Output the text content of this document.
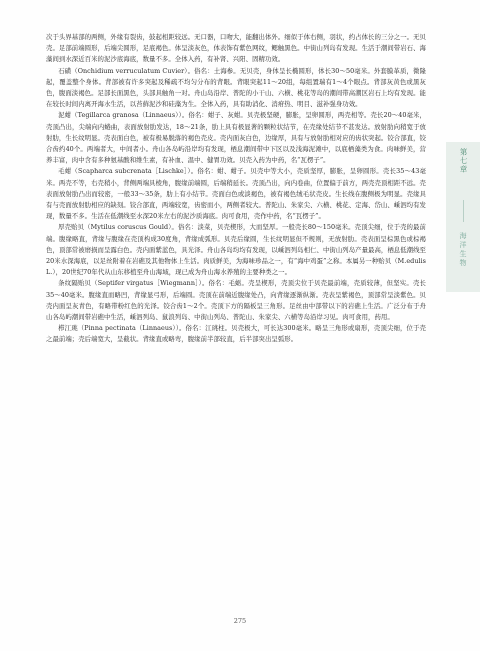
次于头界基部的两侧，外缘有裂齿，鼓起相距较远。无口器，口吻大，能翻出体外。细似于体右侧，羽状，约占体长的三分之一。无贝壳。足部前端圆形，后端尖圆形，足底褐色。体呈淡灰色，体表饰有紫色网纹，鳃触黑色。中街山列岛有发现。生活于潮间带岩石、海藻间到水深近百米的泥沙底海底，数量不多。全体入药，有补肾、兴阳、固精功效。

石磺（Onchidium verruculatum Cuvier）。俗名：土海参。无贝壳，身体呈长椭圆形，体长30～50毫米。外套膜革质，微隆起，覆盖整个身体。背部被有许多突起及稀疏不均匀分布的背眼。背眼突起11～20组，每组置瑞有1～4个眼点。背部灰黄色或黑灰色，腹面淡褐色。足部长面黑色，头部具触角一对。舟山岛沿岸、普陀的小干山、六横、桃花等岛的潮间带高潮区岩石上均有发现。能在较长时间内离开海水生活，以苔藓泥沙和硅藻为生。全体入药，具有助消化、消疳热、明目、滋补强身功效。

泥蚶（Tegillarca granosa（Linnaeus））。俗名：蚶子、灰蚶。贝壳极坚硬，膨胀，呈卵圆形，两壳相等。壳长20～40毫米，壳顶凸出，尖端向内蜷曲，表面放射肋发达，18～21条，肋上具有极显著的颗粒状结节，在壳缘处结节不甚发达。放射肋向稍宽于放射肋，生长纹明显。壳表面白色，被有极易脱落的褐色壳皮。壳内面灰白色，边缘厚，具有与放射肋相对应的齿状突起。铰合部直，铰合齿约40个。两端者大，中间者小。舟山各岛屿沿岸均有发现，栖息潮间带中下区以及浅海泥滩中，以底栖藻类为食。肉味鲜美，营养丰富，肉中含有多种氨基酸和维生素，有补血、温中、健胃功效。贝壳入药为中药，名“瓦楞子”。

毛蚶（Scapharca subcrenata［Lischke］）。俗名：蚶、蚶子。贝壳中等大小，壳质坚厚，膨胀，呈卵圆形。壳长35～43毫米。两壳不等，右壳稍小，背侧两端具棱角，腹缘前端圆，后端稍延长。壳顶凸出，向内卷曲，位置偏于前方，两壳壳顶相距不远。壳表面放射肋凸出而较密，一般33～35条，肋上有小结节。壳面白色或淡褐色，被有褐色绒毛状壳皮。生长线在腹侧极为明显。壳缘具有与壳面放射肋相应的缺刻。铰合部直，两端较宽，齿密而小，两侧者较大。普陀山、朱家尖、六横、桃花、定海、岱山、嵊泗均有发现，数量不多。生活在低潮线至水深20米左右的泥沙质海底。肉可食用，壳作中药，名“瓦楞子”。

厚壳贻贝（Mytilus coruscus Gould）。俗名：淡菜，贝壳楔形，大而坚厚。一般壳长80～150毫米。壳顶尖细，位于壳的最前端。腹缘略直，背缘与腹缘在壳顶构成30度角，背缘成弧形。贝壳后缘圆，生长纹明显但不规则，无放射肋。壳表面呈棕黑色或棕褐色，顶部常被磨损而呈露白色。壳内面紫蓝色，具光泽。舟山各岛均均有发现，以嵊泗列岛相仁、中街山列岛产量最高，栖息低潮线至20米水深海底，以足丝附着在岩礁及其他物体上生活。肉质鲜美，为海味珍品之一，有“海中鸡蛋”之称。本属另一种贻贝（M.edulis L.），20世纪70年代从山东移植至舟山海域，现已成为舟山海水养殖的主要种类之一。

条纹隔贻贝（Septifer virgatus［Wiegmann］）。俗名：毛蛎。壳呈楔形，壳顶尖位于贝壳最前端，壳质较薄，但坚实。壳长35～40毫米。腹缘直而略凹，背缘显弓形，后端圆。壳顶在前端近腹缘处凸，向背缘逐渐纵渐。壳表呈紫褐色，顶部常呈淡紫色。贝壳内面呈灰青色，有略带粉红色的光泽。铰合齿1～2个。壳顶下方的隔板呈三角形。足丝由中部带以下的岩礁上生活。广泛分布于舟山各岛屿潮间带岩礁中生活，嵊泗列岛、鼠浪列岛、中街山列岛、普陀山、朱家尖、六横等岛沿岸习见。肉可食用，药用。

栉江珧（Pinna pectinata（Linnaeus））。俗名：江珧柱。贝壳极大，可长达300毫米。略呈三角形或扇形，壳顶尖细，位于壳之最前端；壳后端宽大，呈截状。背缘直或略弯，腹缘前半部较直，后半部突出呈弧形。

第七章
海洋生物
275
